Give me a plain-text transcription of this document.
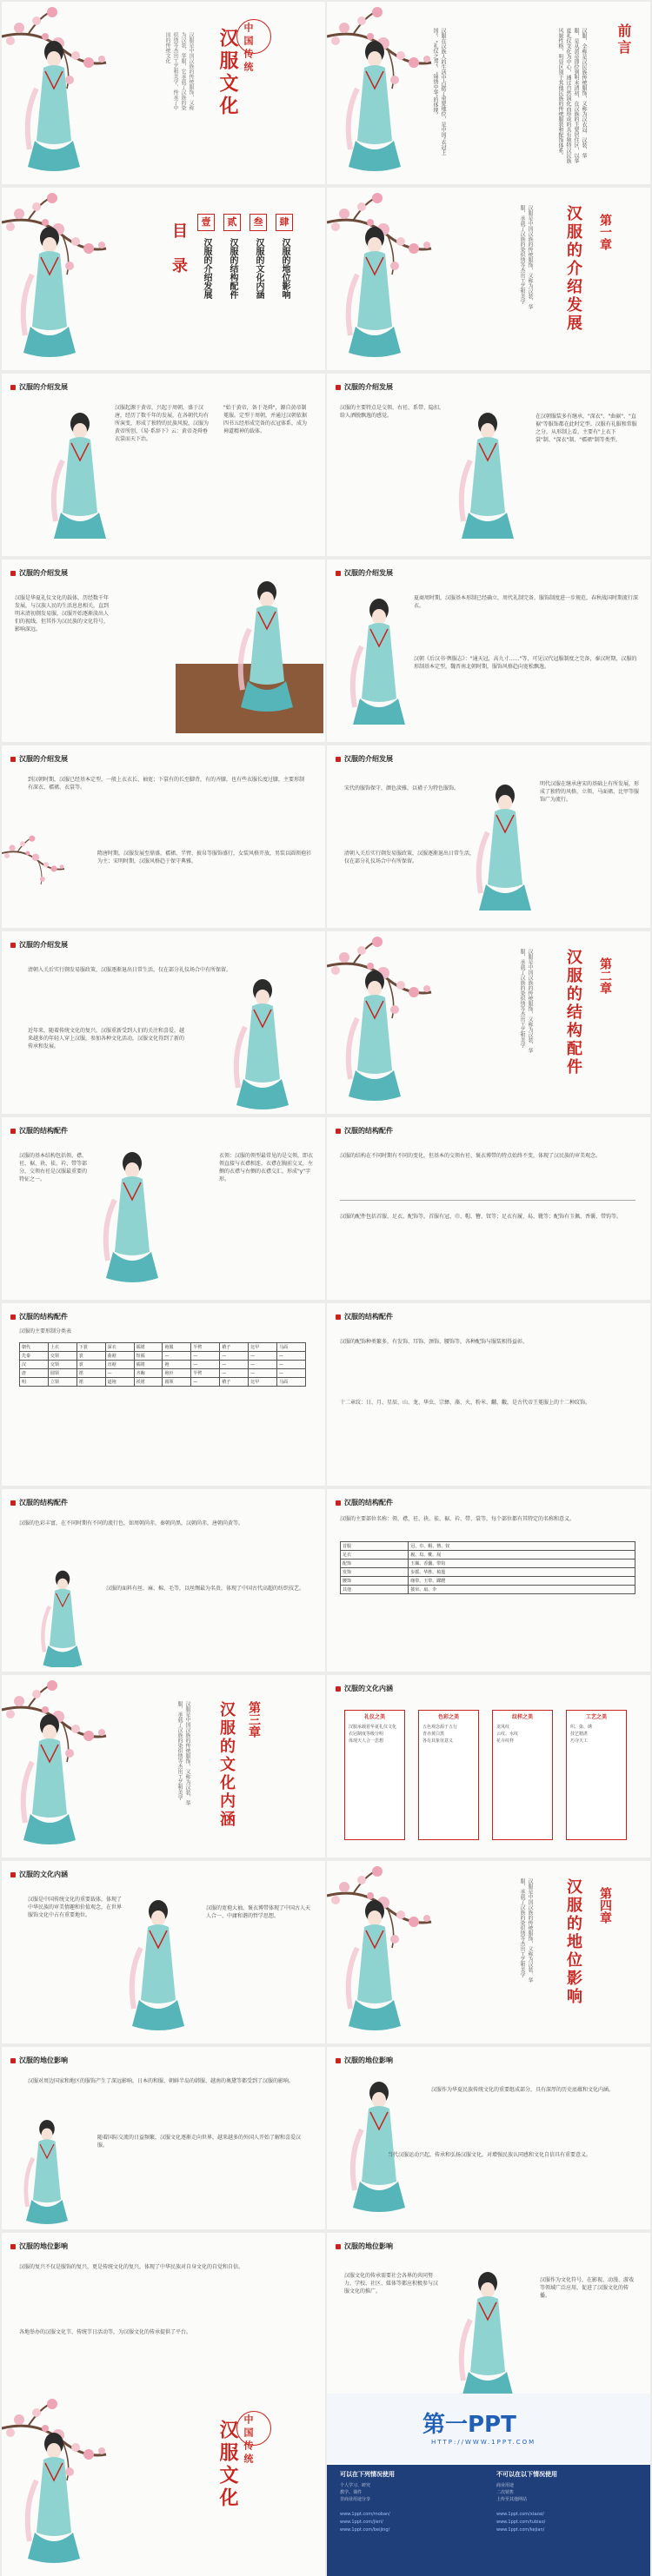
汉服是中国汉族的传统服饰，又称为汉装、华服，它承载了汉族的染织绣等杰出工艺和美学，传承了中国的传统文化	汉服文化 中国传统	汉服在汉族人的生活中占据了重要地位，是中国"衣冠上国"、"礼仪之邦"、"锦绣中华"的体现。	汉服，全称是汉民族传统服饰，又称为汉衣冠、汉装、华服，是从黄帝即位到明末清初，在汉族的主要居住区，以华夏礼仪文化为中心，通过自然演化而形成的具有独特汉民族风貌性格，明显区别于其他民族的传统服装和配饰体系。	前言
目
录
壹	贰	叁	肆
汉服的介绍发展 汉服的结构配件 汉服的文化内涵 汉服的地位影响	汉服是中国汉族的传统服饰，又称为汉装、华服，承载了汉族的染织绣等杰出工艺和美学	汉服的介绍发展 第一章
汉服的介绍发展
汉服起源于黄帝，兴起于周朝，盛于汉唐，经历了数千年的发展，在各朝代均有所演变，形成了独特的民族风貌，汉服为黄帝所创，《易·系辞下》云：黄帝尧舜垂衣裳而天下治。
"始于黄帝，备于尧舜"，源自黄帝制冕服。定型于周朝，并通过汉朝依据四书五经形成完备的衣冠体系，成为神道精神的载体。
汉服的介绍发展
汉服的主要特点是交领、右衽、系带、隐扣，给人洒脱飘逸的感觉。	在汉朝服装多有继承，"深衣"、"曲裾"、"直裾"等服饰都在此时定型。汉服有礼服和常服之分，从形制上看，主要有"上衣下裳"制、"深衣"制、"襦裙"制等类型。
汉服的介绍发展
汉服是华夏礼仪文化的载体，历经数千年发展，与汉族人民的生活息息相关，直到明末清初剃发易服，汉服开始逐渐淡出人们的视线，但其作为汉民族的文化符号，影响深远。
汉服的介绍发展
夏商周时期，汉服基本形制已经确立，周代礼制完备，服饰制度进一步规范，春秋战国时期流行深衣。
汉朝《后汉书·舆服志》："通天冠，高九寸……"等，可见汉代冠服制度之完备，秦汉时期，汉服的形制基本定型，魏晋南北朝时期，服饰风格趋向宽松飘逸。
汉服的介绍发展
到汉朝时期，汉服已经基本定型，一般上衣衣长、袖宽；下裳有的长至脚背，有的齐膝，也有些衣服长度过膝，主要形制有深衣、襦裙、衣裳等。
隋唐时期，汉服发展至鼎盛，襦裙、半臂、披帛等服饰盛行，女装风格开放，男装以圆领袍衫为主；宋明时期，汉服风格趋于保守典雅。
汉服的介绍发展
宋代的服饰保守，颜色淡雅，以褙子为特色服饰。
明代汉服在继承唐宋的基础上有所发展，形成了独特的风格，立领、马面裙、比甲等服饰广为流行。
清朝入关后实行剃发易服政策，汉服逐渐退出日常生活，仅在部分礼仪场合中有所保留。
汉服的介绍发展
清朝入关后实行剃发易服政策，汉服逐渐退出日常生活，仅在部分礼仪场合中有所保留。
近年来，随着传统文化的复兴，汉服重新受到人们的关注和喜爱，越来越多的年轻人穿上汉服，参加各种文化活动，汉服文化得到了新的传承和发展。	汉服是中国汉族的传统服饰，又称为汉装、华服，承载了汉族的染织绣等杰出工艺和美学	汉服的结构配件 第二章
汉服的结构配件
汉服的基本结构包括领、襟、衽、裾、袂、袪、衿、带等部分，交领右衽是汉服最重要的特征之一。
衣领：汉服的领型最常见的是交领，即衣领直接与衣襟相连，衣襟在胸前交叉，左侧的衣襟与右侧的衣襟交汇，形成"y"字形。
汉服的结构配件
汉服的结构在不同时期有不同的变化，但基本的交领右衽、褒衣博带的特点始终不变，体现了汉民族的审美观念。
汉服的配件包括首服、足衣、配饰等，首服有冠、巾、帽、簪、钗等；足衣有履、舄、靴等；配饰有玉佩、香囊、带钩等。
汉服的结构配件
汉服的主要形制分类表
朝代	上衣	下裳	深衣	襦裙	袍服	半臂	褙子	比甲	马面
先秦	交领	裳	曲裾	短襦	—	—	—	—	—
汉	交领	裳	直裾	襦裙	袍	—	—	—	—
唐	圆领	裙	—	齐胸	袍衫	半臂	—	—	—
明	立领	裙	道袍	袄裙	圆领	—	褙子	比甲	马面
汉服的结构配件
汉服的配饰种类繁多，有发饰、耳饰、颈饰、腰饰等，各种配饰与服装相得益彰。
十二章纹：日、月、星辰、山、龙、华虫、宗彝、藻、火、粉米、黼、黻，是古代帝王冕服上的十二种纹饰。
汉服的结构配件
汉服的色彩丰富，在不同时期有不同的流行色，如周朝尚赤，秦朝尚黑，汉朝尚赤，唐朝尚黄等。
汉服的面料有丝、麻、棉、毛等，以丝绸最为名贵，体现了中国古代高超的纺织技艺。
汉服的结构配件
汉服的主要部位名称：领、襟、衽、袂、袪、裾、衿、带、裳等，每个部位都有其特定的名称和意义。
首服	冠、巾、帽、簪、钗
足衣	履、舄、靴、屐
配饰	玉佩、香囊、带钩
发饰	步摇、华胜、梳篦
腰饰	绦带、玉带、蹀躞
其他	披帛、扇、伞
汉服是中国汉族的传统服饰，又称为汉装、华服，承载了汉族的染织绣等杰出工艺和美学	汉服的文化内涵 第三章
汉服的文化内涵
礼仪之美
汉服承载着华夏礼仪文化
衣冠制度等级分明
体现天人合一思想
色彩之美
五色观念源于五行
青赤黄白黑
各有其象征意义
纹样之美
龙凤纹
云纹、水纹
花卉纹样
工艺之美
织、染、绣
技艺精湛
巧夺天工
汉服的文化内涵
汉服是中国传统文化的重要载体，体现了中华民族的审美情趣和价值观念，在世界服饰文化中占有重要地位。
汉服的宽袍大袖、褒衣博带体现了中国古人天人合一、中庸和谐的哲学思想。	汉服是中国汉族的传统服饰，又称为汉装、华服，承载了汉族的染织绣等杰出工艺和美学	汉服的地位影响 第四章
汉服的地位影响
汉服对周边国家和地区的服饰产生了深远影响，日本的和服、朝鲜半岛的韩服、越南的奥黛等都受到了汉服的影响。
随着国际交流的日益频繁，汉服文化逐渐走向世界，越来越多的外国人开始了解和喜爱汉服。
汉服的地位影响
汉服作为华夏民族传统文化的重要组成部分，具有深厚的历史底蕴和文化内涵。
当代汉服运动兴起，传承和弘扬汉服文化，对增强民族认同感和文化自信具有重要意义。
汉服的地位影响
汉服的复兴不仅是服饰的复兴，更是传统文化的复兴，体现了中华民族对自身文化的自觉和自信。
各地举办的汉服文化节、传统节日活动等，为汉服文化的传承提供了平台。
汉服的地位影响
汉服文化的传承需要社会各界的共同努力，学校、社区、媒体等都应积极参与汉服文化的推广。
汉服作为文化符号，在影视、动漫、游戏等领域广泛应用，促进了汉服文化的传播。
汉服文化 中国传统	第一PPT
HTTP://WWW.1PPT.COM
可以在下列情况使用	不可以在以下情况使用
个人学习、研究
教学、课件
非商业用途分享
商业用途
二次销售
上传至其他网站
www.1ppt.com/moban/
www.1ppt.com/jieri/
www.1ppt.com/beijing/
www.1ppt.com/xiazai/
www.1ppt.com/tubiao/
www.1ppt.com/kejian/
